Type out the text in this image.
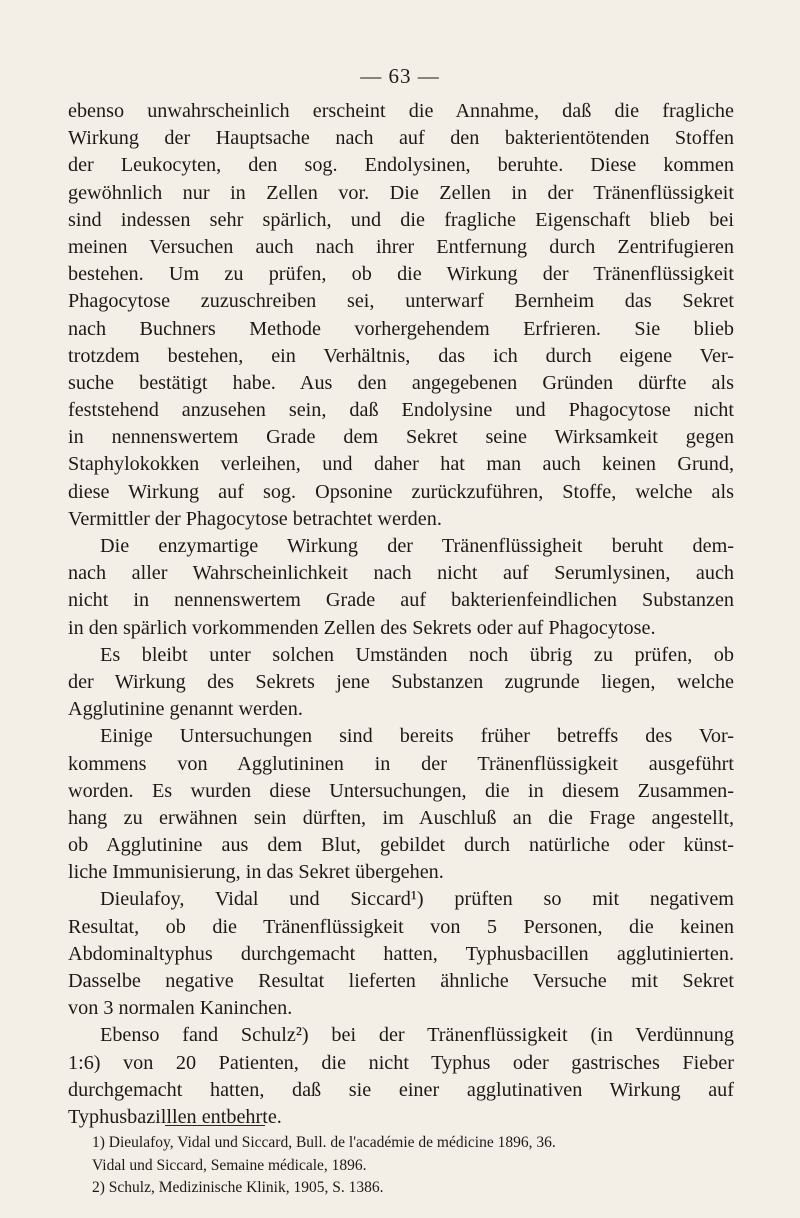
— 63 —
ebenso unwahrscheinlich erscheint die Annahme, daß die fragliche
Wirkung der Hauptsache nach auf den bakterientötenden Stoffen
der Leukocyten, den sog. Endolysinen, beruhte. Diese kommen
gewöhnlich nur in Zellen vor. Die Zellen in der Tränenflüssigkeit
sind indessen sehr spärlich, und die fragliche Eigenschaft blieb bei
meinen Versuchen auch nach ihrer Entfernung durch Zentrifugieren
bestehen. Um zu prüfen, ob die Wirkung der Tränenflüssigkeit
Phagocytose zuzuschreiben sei, unterwarf Bernheim das Sekret
nach Buchners Methode vorhergehendem Erfrieren. Sie blieb
trotzdem bestehen, ein Verhältnis, das ich durch eigene Ver-
suche bestätigt habe. Aus den angegebenen Gründen dürfte als
feststehend anzusehen sein, daß Endolysine und Phagocytose nicht
in nennenswertem Grade dem Sekret seine Wirksamkeit gegen
Staphylokokken verleihen, und daher hat man auch keinen Grund,
diese Wirkung auf sog. Opsonine zurückzuführen, Stoffe, welche als
Vermittler der Phagocytose betrachtet werden.
Die enzymartige Wirkung der Tränenflüssigheit beruht dem-
nach aller Wahrscheinlichkeit nach nicht auf Serumlysinen, auch
nicht in nennenswertem Grade auf bakterienfeindlichen Substanzen
in den spärlich vorkommenden Zellen des Sekrets oder auf Phagocytose.
Es bleibt unter solchen Umständen noch übrig zu prüfen, ob
der Wirkung des Sekrets jene Substanzen zugrunde liegen, welche
Agglutinine genannt werden.
Einige Untersuchungen sind bereits früher betreffs des Vor-
kommens von Agglutininen in der Tränenflüssigkeit ausgeführt
worden. Es wurden diese Untersuchungen, die in diesem Zusammen-
hang zu erwähnen sein dürften, im Auschluß an die Frage angestellt,
ob Agglutinine aus dem Blut, gebildet durch natürliche oder künst-
liche Immunisierung, in das Sekret übergehen.
Dieulafoy, Vidal und Siccard¹) prüften so mit negativem
Resultat, ob die Tränenflüssigkeit von 5 Personen, die keinen
Abdominaltyphus durchgemacht hatten, Typhusbacillen agglutinierten.
Dasselbe negative Resultat lieferten ähnliche Versuche mit Sekret
von 3 normalen Kaninchen.
Ebenso fand Schulz²) bei der Tränenflüssigkeit (in Verdünnung
1:6) von 20 Patienten, die nicht Typhus oder gastrisches Fieber
durchgemacht hatten, daß sie einer agglutinativen Wirkung auf
Typhusbazilllen entbehrte.
1) Dieulafoy, Vidal und Siccard, Bull. de l'académie de médicine 1896, 36.
Vidal und Siccard, Semaine médicale, 1896.
2) Schulz, Medizinische Klinik, 1905, S. 1386.
